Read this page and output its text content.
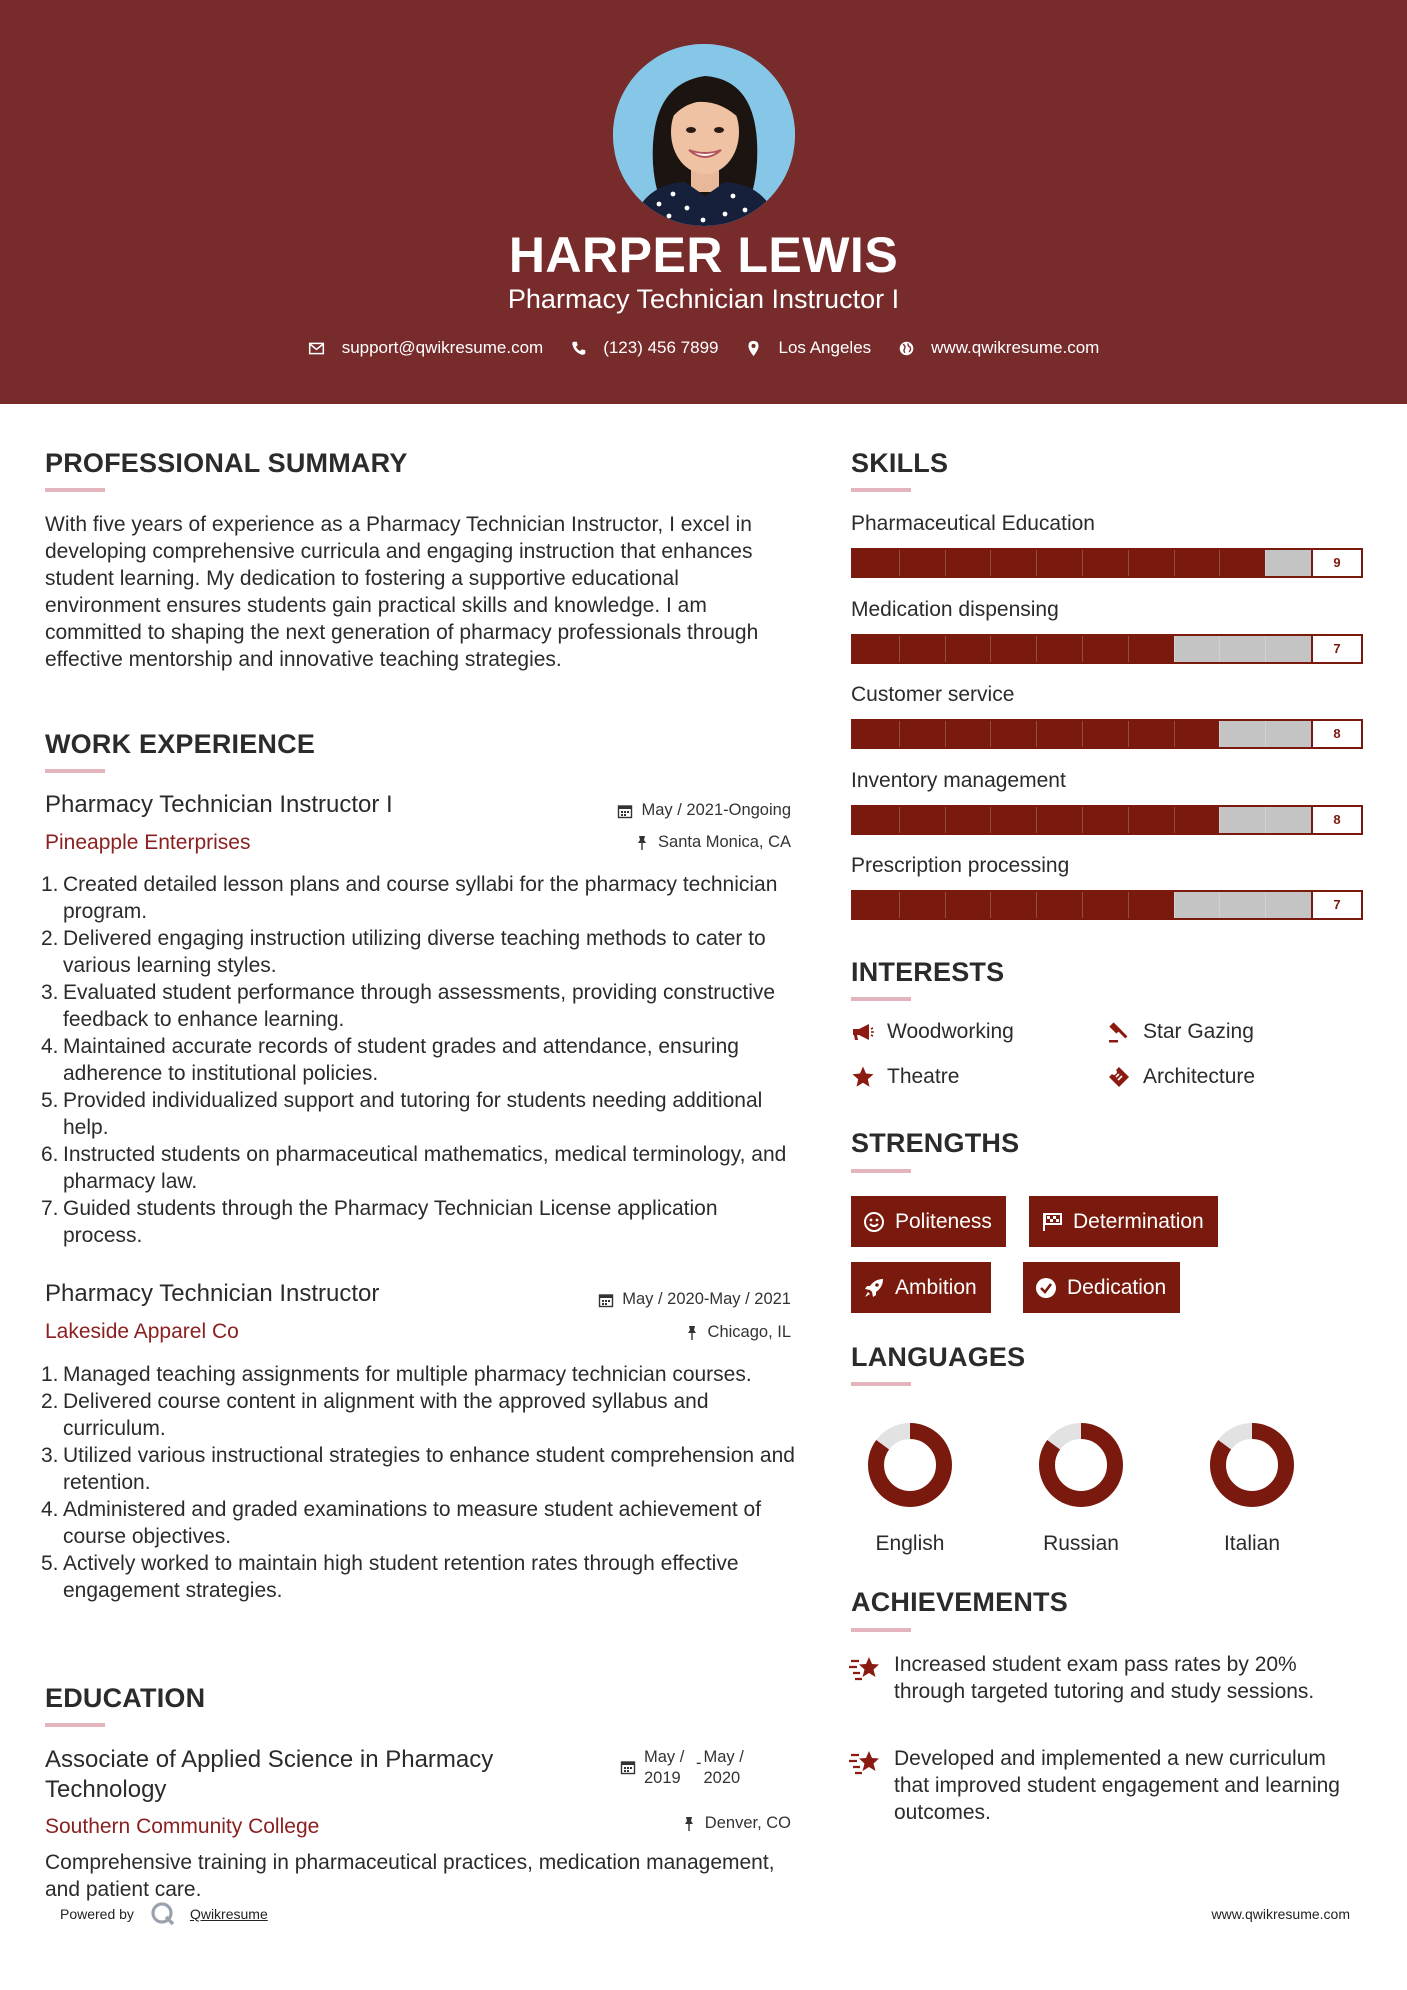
HARPER LEWIS
Pharmacy Technician Instructor I
support@qwikresume.com	(123) 456 7899	Los Angeles	www.qwikresume.com
PROFESSIONAL SUMMARY
With five years of experience as a Pharmacy Technician Instructor, I excel in developing comprehensive curricula and engaging instruction that enhances student learning. My dedication to fostering a supportive educational environment ensures students gain practical skills and knowledge. I am committed to shaping the next generation of pharmacy professionals through effective mentorship and innovative teaching strategies.
WORK EXPERIENCE
Pharmacy Technician Instructor I	May / 2021-Ongoing
Pineapple Enterprises	Santa Monica, CA
1. Created detailed lesson plans and course syllabi for the pharmacy technician program.
2. Delivered engaging instruction utilizing diverse teaching methods to cater to various learning styles.
3. Evaluated student performance through assessments, providing constructive feedback to enhance learning.
4. Maintained accurate records of student grades and attendance, ensuring adherence to institutional policies.
5. Provided individualized support and tutoring for students needing additional help.
6. Instructed students on pharmaceutical mathematics, medical terminology, and pharmacy law.
7. Guided students through the Pharmacy Technician License application process.
Pharmacy Technician Instructor	May / 2020-May / 2021
Lakeside Apparel Co	Chicago, IL
1. Managed teaching assignments for multiple pharmacy technician courses.
2. Delivered course content in alignment with the approved syllabus and curriculum.
3. Utilized various instructional strategies to enhance student comprehension and retention.
4. Administered and graded examinations to measure student achievement of course objectives.
5. Actively worked to maintain high student retention rates through effective engagement strategies.
EDUCATION
Associate of Applied Science in Pharmacy Technology
May / 2019
- May / 2020
Southern Community College	Denver, CO
Comprehensive training in pharmaceutical practices, medication management, and patient care.
SKILLS
Pharmaceutical Education
9
Medication dispensing
7
Customer service
8
Inventory management
8
Prescription processing
7
INTERESTS
Woodworking	Star Gazing
Theatre	Architecture
STRENGTHS
Politeness	Determination
Ambition	Dedication
LANGUAGES
English	Russian	Italian
ACHIEVEMENTS
Increased student exam pass rates by 20% through targeted tutoring and study sessions.
Developed and implemented a new curriculum that improved student engagement and learning outcomes.
Powered by	Qwikresume	www.qwikresume.com
